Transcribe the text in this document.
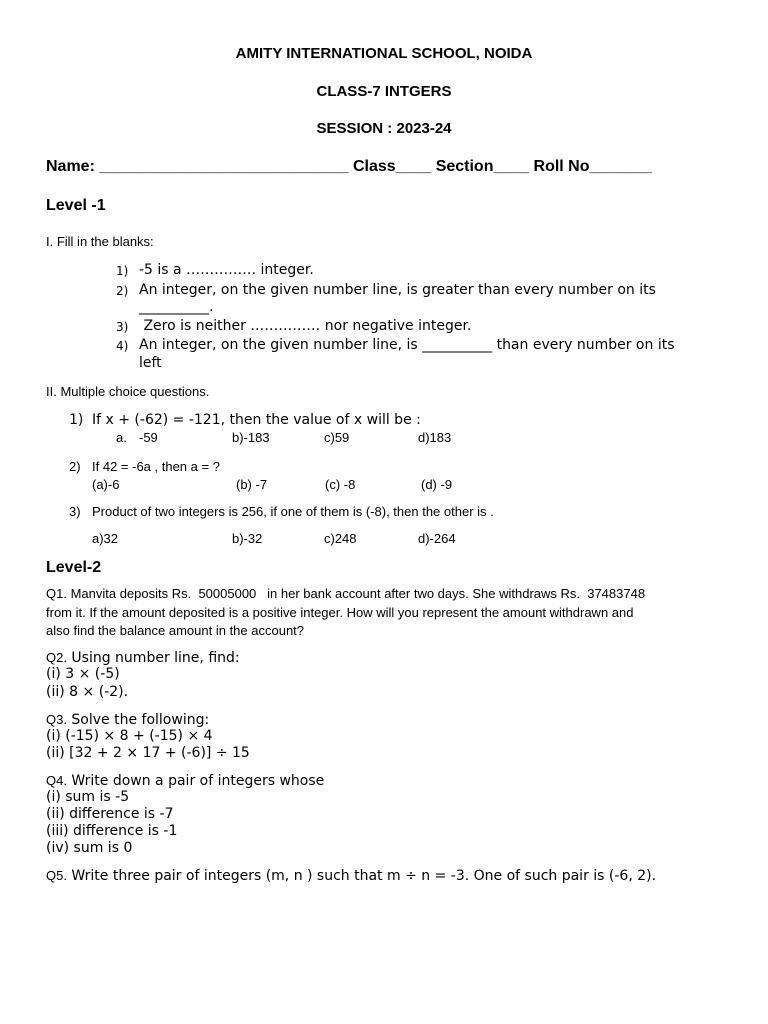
AMITY INTERNATIONAL SCHOOL, NOIDA
CLASS-7 INTGERS
SESSION : 2023-24
Name: ____________________________ Class____ Section____ Roll No_______
Level -1
I. Fill in the blanks:
1) -5 is a …………… integer.
2) An integer, on the given number line, is greater than every number on its
__________.
3) Zero is neither …………… nor negative integer.
4) An integer, on the given number line, is __________ than every number on its
left
II. Multiple choice questions.
1) If x + (-62) = -121, then the value of x will be :
a. -59	b)-183	c)59	d)183
2) If 42 = -6a , then a = ?
(a)-6	(b) -7	(c) -8	(d) -9
3) Product of two integers is 256, if one of them is (-8), then the other is .
a)32	b)-32	c)248	d)-264
Level-2
Q1. Manvita deposits Rs.  50005000   in her bank account after two days. She withdraws Rs.  37483748
from it. If the amount deposited is a positive integer. How will you represent the amount withdrawn and
also find the balance amount in the account?
Q2. Using number line, find:
(i) 3 × (-5)
(ii) 8 × (-2).
Q3. Solve the following:
(i) (-15) × 8 + (-15) × 4
(ii) [32 + 2 × 17 + (-6)] ÷ 15
Q4. Write down a pair of integers whose
(i) sum is -5
(ii) difference is -7
(iii) difference is -1
(iv) sum is 0
Q5. Write three pair of integers (m, n ) such that m ÷ n = -3. One of such pair is (-6, 2).
